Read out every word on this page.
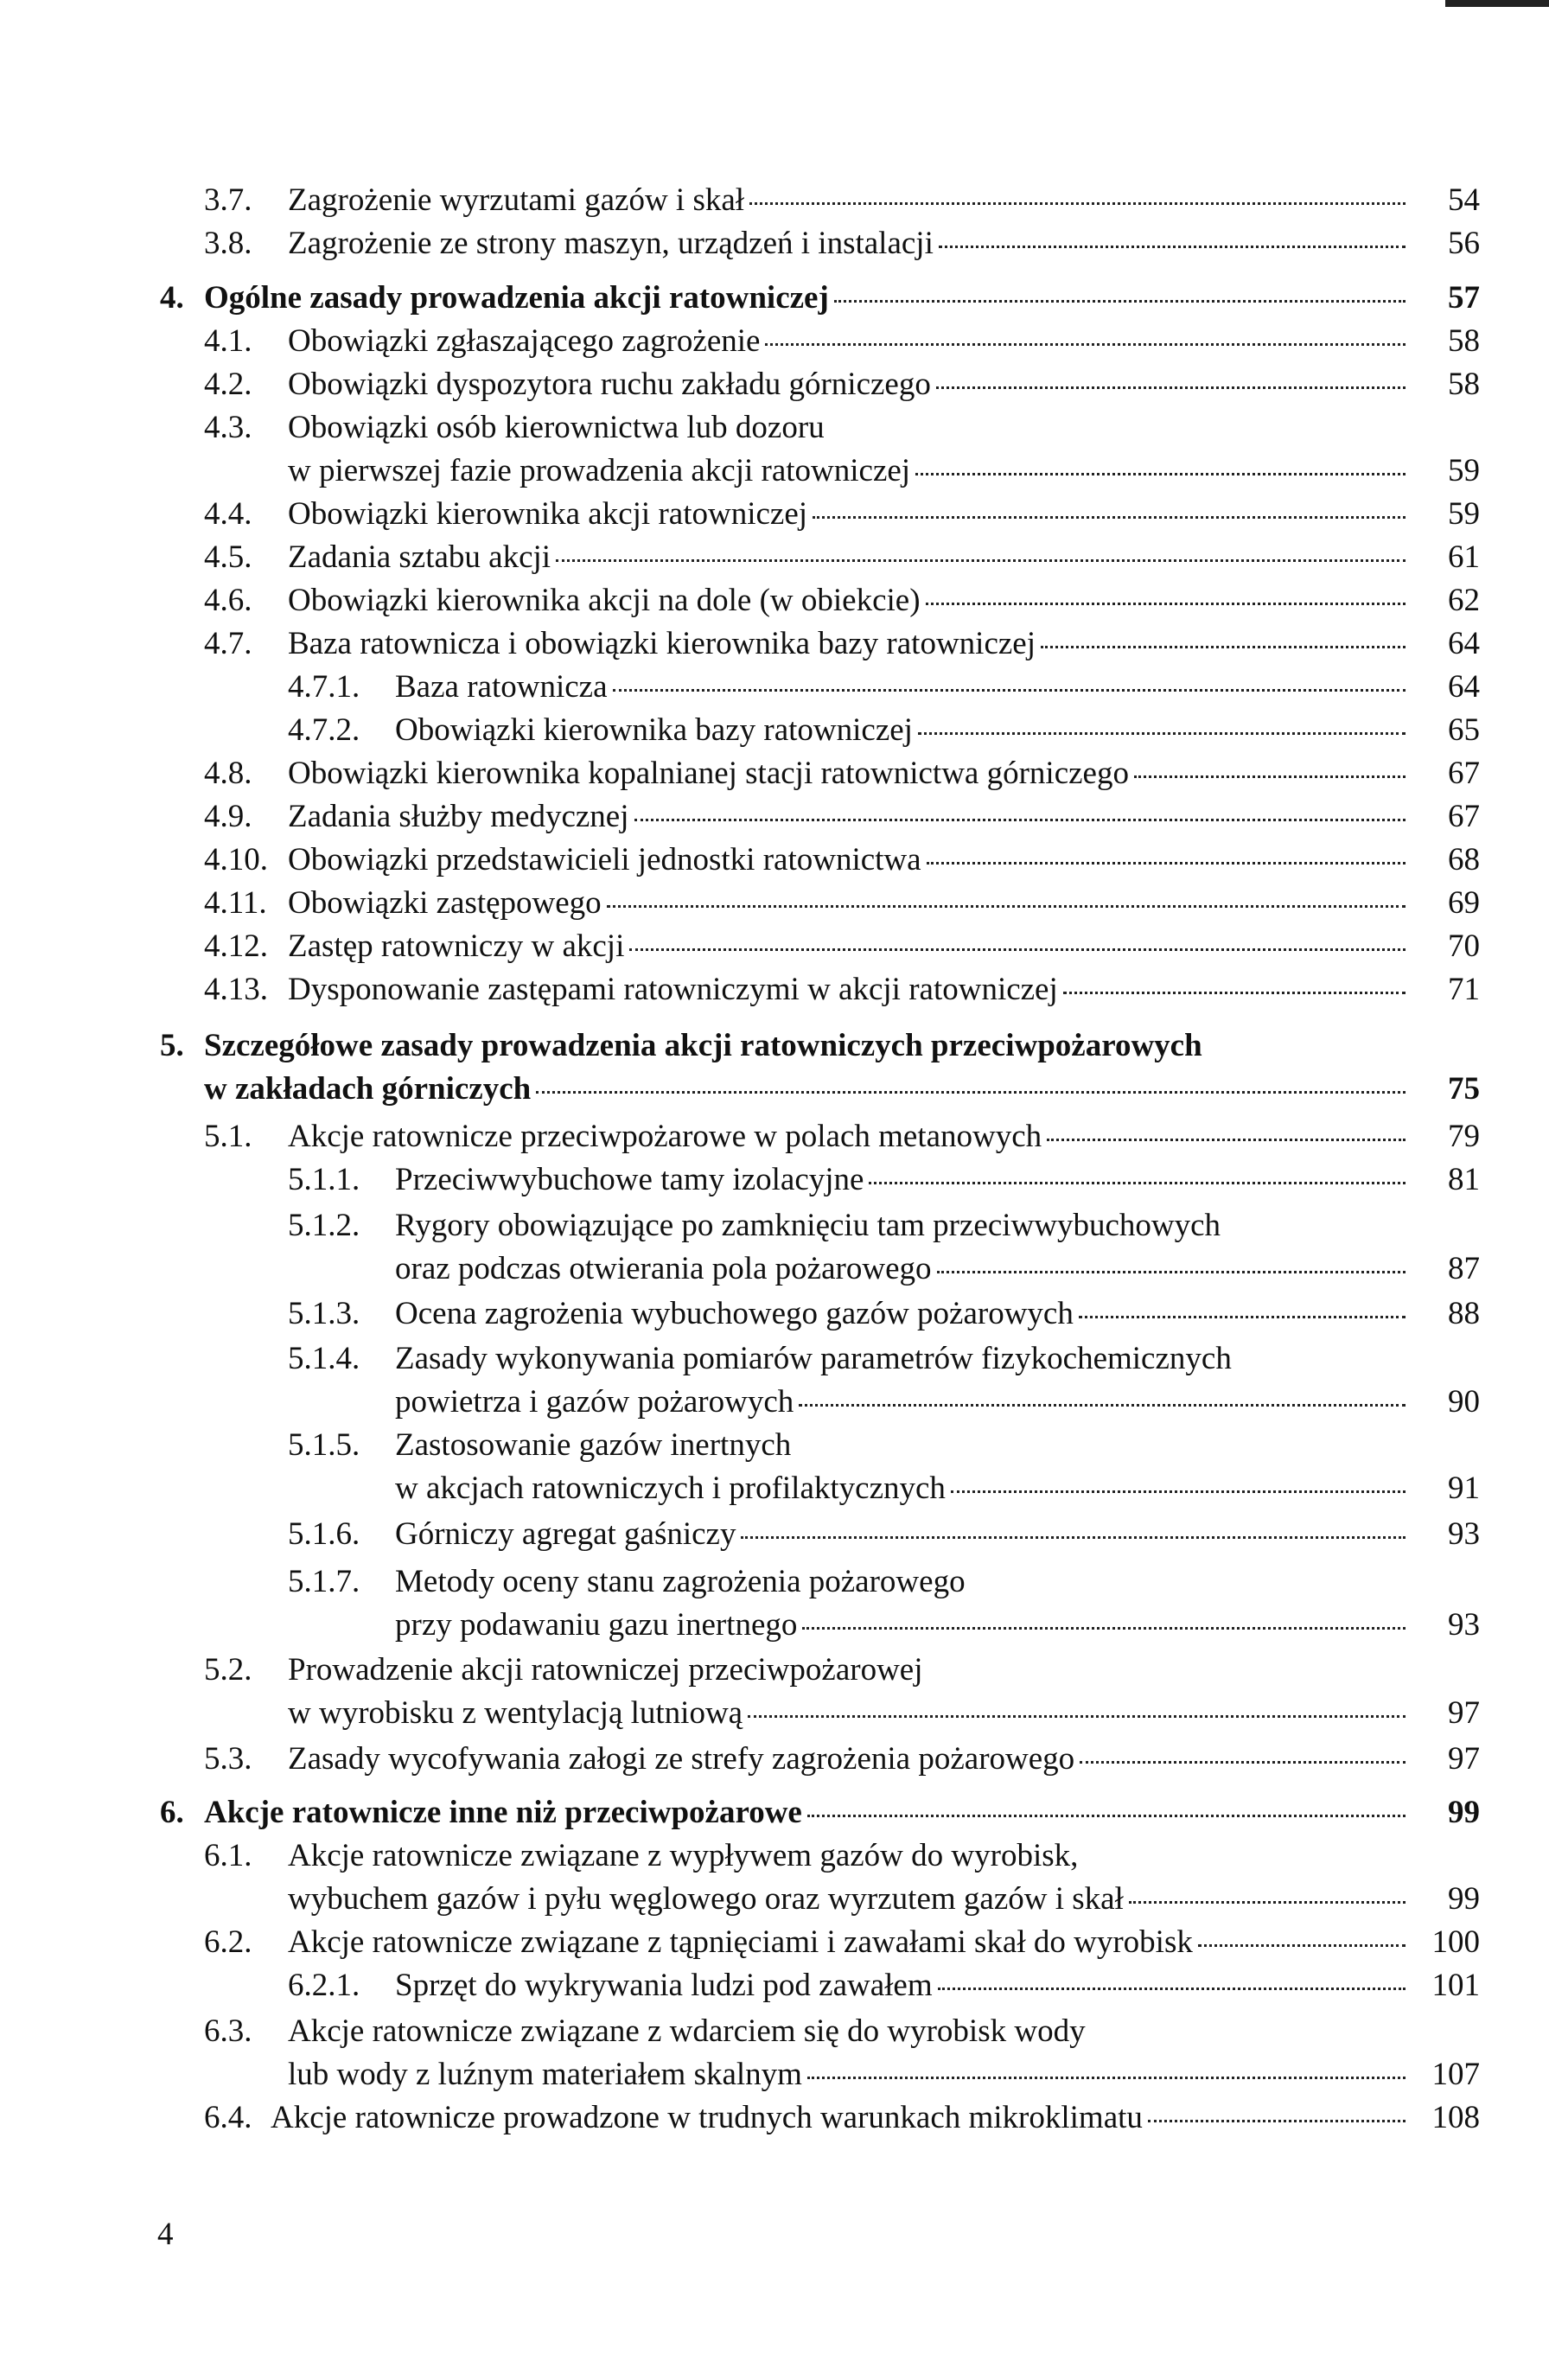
3.7.	Zagrożenie wyrzutami gazów i skał	54
3.8.	Zagrożenie ze strony maszyn, urządzeń i instalacji	56
4. Ogólne zasady prowadzenia akcji ratowniczej	57
4.1.	Obowiązki zgłaszającego zagrożenie	58
4.2.	Obowiązki dyspozytora ruchu zakładu górniczego	58
4.3.	Obowiązki osób kierownictwa lub dozoru
w pierwszej fazie prowadzenia akcji ratowniczej	59
4.4.	Obowiązki kierownika akcji ratowniczej	59
4.5.	Zadania sztabu akcji	61
4.6.	Obowiązki kierownika akcji na dole (w obiekcie)	62
4.7.	Baza ratownicza i obowiązki kierownika bazy ratowniczej	64
4.7.1.	Baza ratownicza	64
4.7.2.	Obowiązki kierownika bazy ratowniczej	65
4.8.	Obowiązki kierownika kopalnianej stacji ratownictwa górniczego	67
4.9.	Zadania służby medycznej	67
4.10. Obowiązki przedstawicieli jednostki ratownictwa	68
4.11. Obowiązki zastępowego	69
4.12. Zastęp ratowniczy w akcji	70
4.13. Dysponowanie zastępami ratowniczymi w akcji ratowniczej	71
5. Szczegółowe zasady prowadzenia akcji ratowniczych przeciwpożarowych
w zakładach górniczych	75
5.1.	Akcje ratownicze przeciwpożarowe w polach metanowych	79
5.1.1.	Przeciwwybuchowe tamy izolacyjne	81
5.1.2.	Rygory obowiązujące po zamknięciu tam przeciwwybuchowych
oraz podczas otwierania pola pożarowego	87
5.1.3.	Ocena zagrożenia wybuchowego gazów pożarowych	88
5.1.4.	Zasady wykonywania pomiarów parametrów fizykochemicznych
powietrza i gazów pożarowych	90
5.1.5.	Zastosowanie gazów inertnych
w akcjach ratowniczych i profilaktycznych	91
5.1.6.	Górniczy agregat gaśniczy	93
5.1.7.	Metody oceny stanu zagrożenia pożarowego
przy podawaniu gazu inertnego	93
5.2.	Prowadzenie akcji ratowniczej przeciwpożarowej
w wyrobisku z wentylacją lutniową	97
5.3.	Zasady wycofywania załogi ze strefy zagrożenia pożarowego	97
6. Akcje ratownicze inne niż przeciwpożarowe	99
6.1.	Akcje ratownicze związane z wypływem gazów do wyrobisk,
wybuchem gazów i pyłu węglowego oraz wyrzutem gazów i skał	99
6.2.	Akcje ratownicze związane z tąpnięciami i zawałami skał do wyrobisk	100
6.2.1.	Sprzęt do wykrywania ludzi pod zawałem	101
6.3.	Akcje ratownicze związane z wdarciem się do wyrobisk wody
lub wody z luźnym materiałem skalnym	107
6.4. Akcje ratownicze prowadzone w trudnych warunkach mikroklimatu	108
4
